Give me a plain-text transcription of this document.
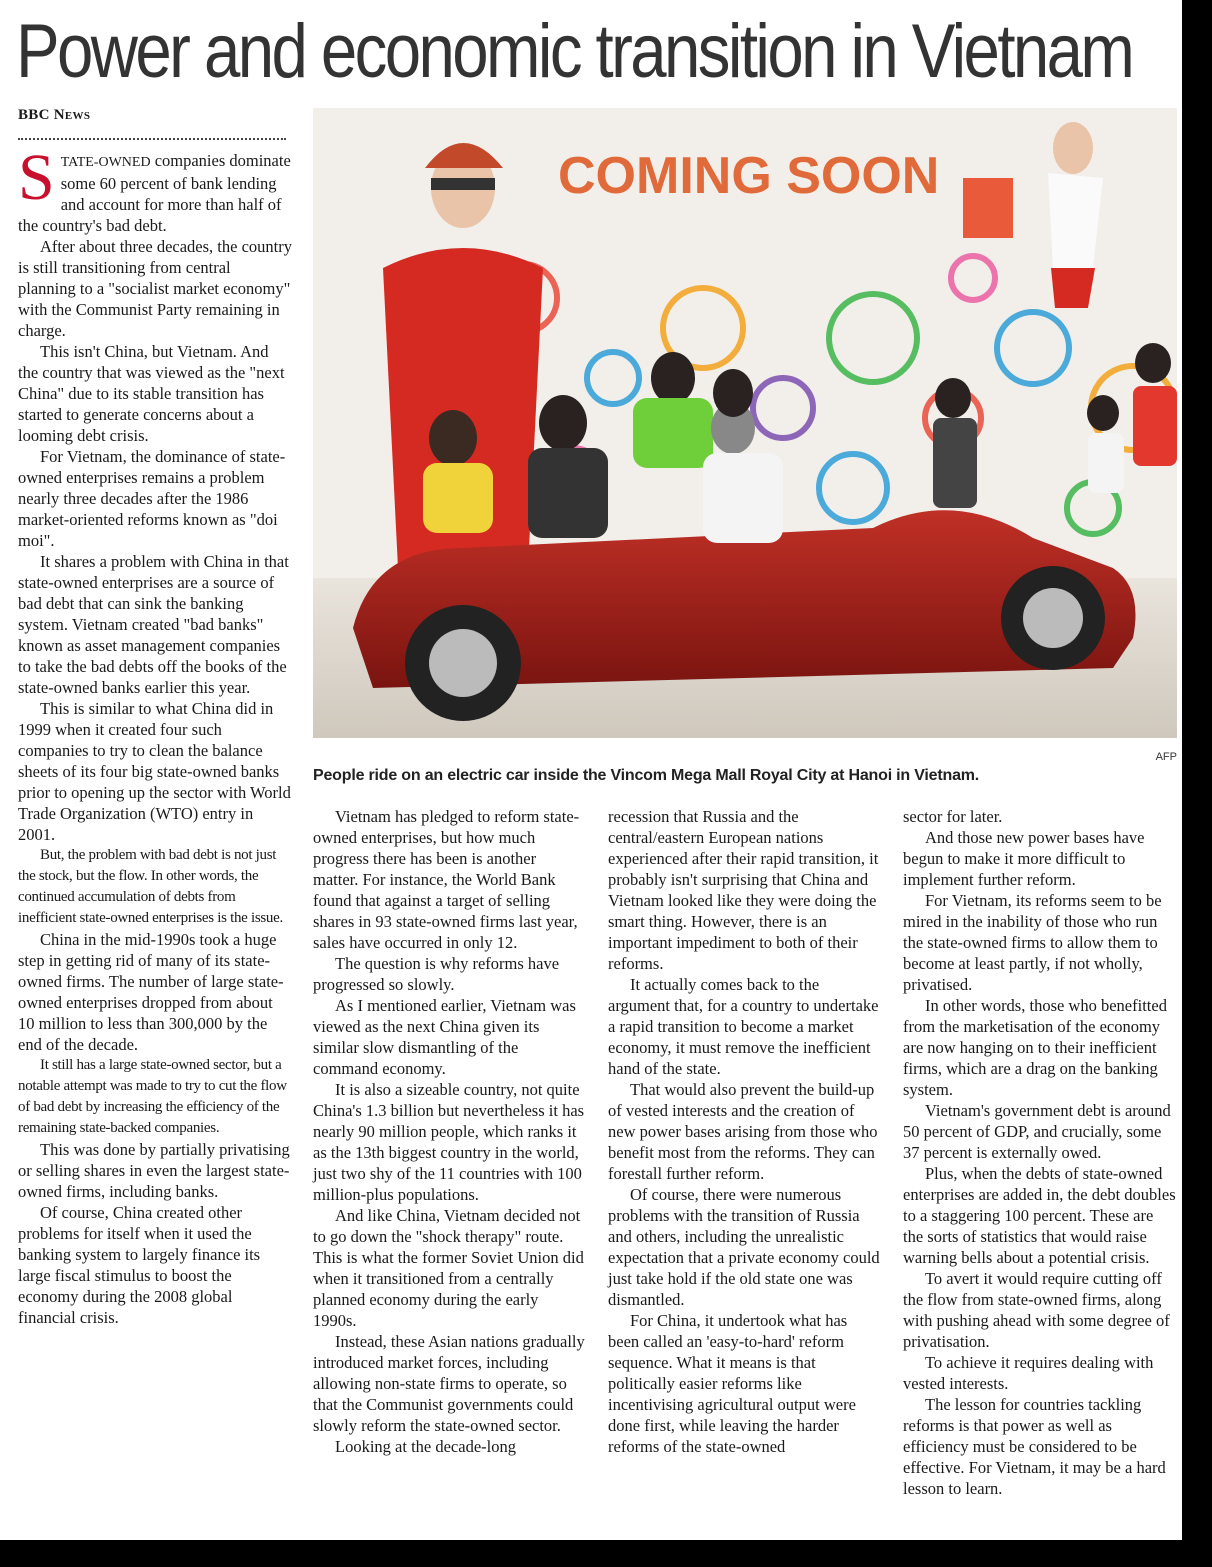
Power and economic transition in Vietnam
BBC News

STATE-OWNED companies dominate some 60 percent of bank lending and account for more than half of the country's bad debt.

After about three decades, the country is still transitioning from central planning to a "socialist market economy" with the Communist Party remaining in charge.

This isn't China, but Vietnam. And the country that was viewed as the "next China" due to its stable transition has started to generate concerns about a looming debt crisis.

For Vietnam, the dominance of state-owned enterprises remains a problem nearly three decades after the 1986 market-oriented reforms known as "doi moi".

It shares a problem with China in that state-owned enterprises are a source of bad debt that can sink the banking system. Vietnam created "bad banks" known as asset management companies to take the bad debts off the books of the state-owned banks earlier this year.

This is similar to what China did in 1999 when it created four such companies to try to clean the balance sheets of its four big state-owned banks prior to opening up the sector with World Trade Organization (WTO) entry in 2001.

But, the problem with bad debt is not just the stock, but the flow. In other words, the continued accumulation of debts from inefficient state-owned enterprises is the issue.

China in the mid-1990s took a huge step in getting rid of many of its state-owned firms. The number of large state-owned enterprises dropped from about 10 million to less than 300,000 by the end of the decade.

It still has a large state-owned sector, but a notable attempt was made to try to cut the flow of bad debt by increasing the efficiency of the remaining state-backed companies.

This was done by partially privatising or selling shares in even the largest state-owned firms, including banks.

Of course, China created other problems for itself when it used the banking system to largely finance its large fiscal stimulus to boost the economy during the 2008 global financial crisis.

COMING SOON
AFP
People ride on an electric car inside the Vincom Mega Mall Royal City at Hanoi in Vietnam.

Vietnam has pledged to reform state-owned enterprises, but how much progress there has been is another matter. For instance, the World Bank found that against a target of selling shares in 93 state-owned firms last year, sales have occurred in only 12.

The question is why reforms have progressed so slowly.

As I mentioned earlier, Vietnam was viewed as the next China given its similar slow dismantling of the command economy.

It is also a sizeable country, not quite China's 1.3 billion but nevertheless it has nearly 90 million people, which ranks it as the 13th biggest country in the world, just two shy of the 11 countries with 100 million-plus populations.

And like China, Vietnam decided not to go down the "shock therapy" route. This is what the former Soviet Union did when it transitioned from a centrally planned economy during the early 1990s.

Instead, these Asian nations gradually introduced market forces, including allowing non-state firms to operate, so that the Communist governments could slowly reform the state-owned sector.

Looking at the decade-long

recession that Russia and the central/eastern European nations experienced after their rapid transition, it probably isn't surprising that China and Vietnam looked like they were doing the smart thing. However, there is an important impediment to both of their reforms.

It actually comes back to the argument that, for a country to undertake a rapid transition to become a market economy, it must remove the inefficient hand of the state.

That would also prevent the build-up of vested interests and the creation of new power bases arising from those who benefit most from the reforms. They can forestall further reform.

Of course, there were numerous problems with the transition of Russia and others, including the unrealistic expectation that a private economy could just take hold if the old state one was dismantled.

For China, it undertook what has been called an 'easy-to-hard' reform sequence. What it means is that politically easier reforms like incentivising agricultural output were done first, while leaving the harder reforms of the state-owned

sector for later.

And those new power bases have begun to make it more difficult to implement further reform.

For Vietnam, its reforms seem to be mired in the inability of those who run the state-owned firms to allow them to become at least partly, if not wholly, privatised.

In other words, those who benefitted from the marketisation of the economy are now hanging on to their inefficient firms, which are a drag on the banking system.

Vietnam's government debt is around 50 percent of GDP, and crucially, some 37 percent is externally owed.

Plus, when the debts of state-owned enterprises are added in, the debt doubles to a staggering 100 percent. These are the sorts of statistics that would raise warning bells about a potential crisis.

To avert it would require cutting off the flow from state-owned firms, along with pushing ahead with some degree of privatisation.

To achieve it requires dealing with vested interests.

The lesson for countries tackling reforms is that power as well as efficiency must be considered to be effective. For Vietnam, it may be a hard lesson to learn.
